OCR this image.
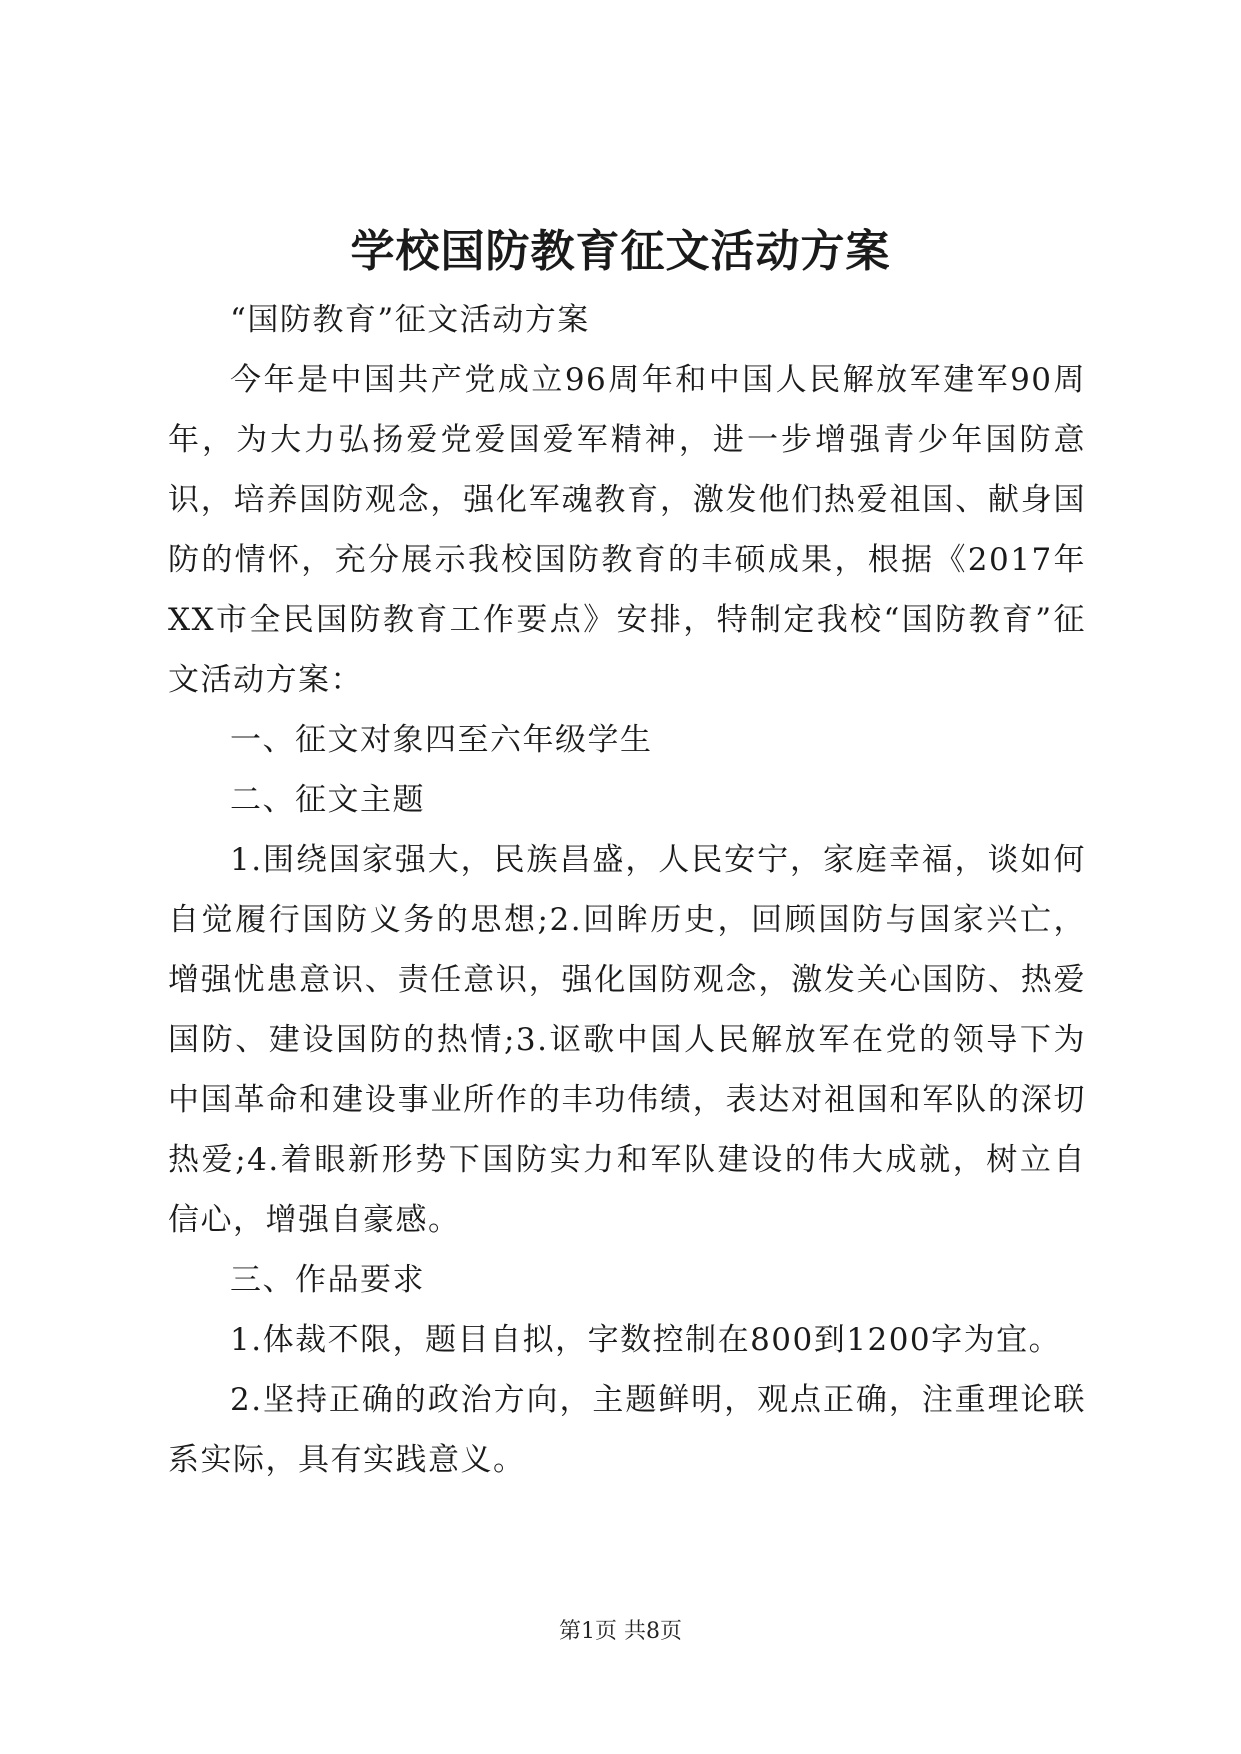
学校国防教育征文活动方案

“国防教育”征文活动方案

今年是中国共产党成立96周年和中国人民解放军建军90周年，为大力弘扬爱党爱国爱军精神，进一步增强青少年国防意识，培养国防观念，强化军魂教育，激发他们热爱祖国、献身国防的情怀，充分展示我校国防教育的丰硕成果，根据《2017年XX市全民国防教育工作要点》安排，特制定我校“国防教育”征文活动方案：

一、征文对象四至六年级学生

二、征文主题

1.围绕国家强大，民族昌盛，人民安宁，家庭幸福，谈如何自觉履行国防义务的思想;2.回眸历史，回顾国防与国家兴亡，增强忧患意识、责任意识，强化国防观念，激发关心国防、热爱国防、建设国防的热情;3.讴歌中国人民解放军在党的领导下为中国革命和建设事业所作的丰功伟绩，表达对祖国和军队的深切热爱;4.着眼新形势下国防实力和军队建设的伟大成就，树立自信心，增强自豪感。

三、作品要求

1.体裁不限，题目自拟，字数控制在800到1200字为宜。

2.坚持正确的政治方向，主题鲜明，观点正确，注重理论联系实际，具有实践意义。

第1页 共8页
